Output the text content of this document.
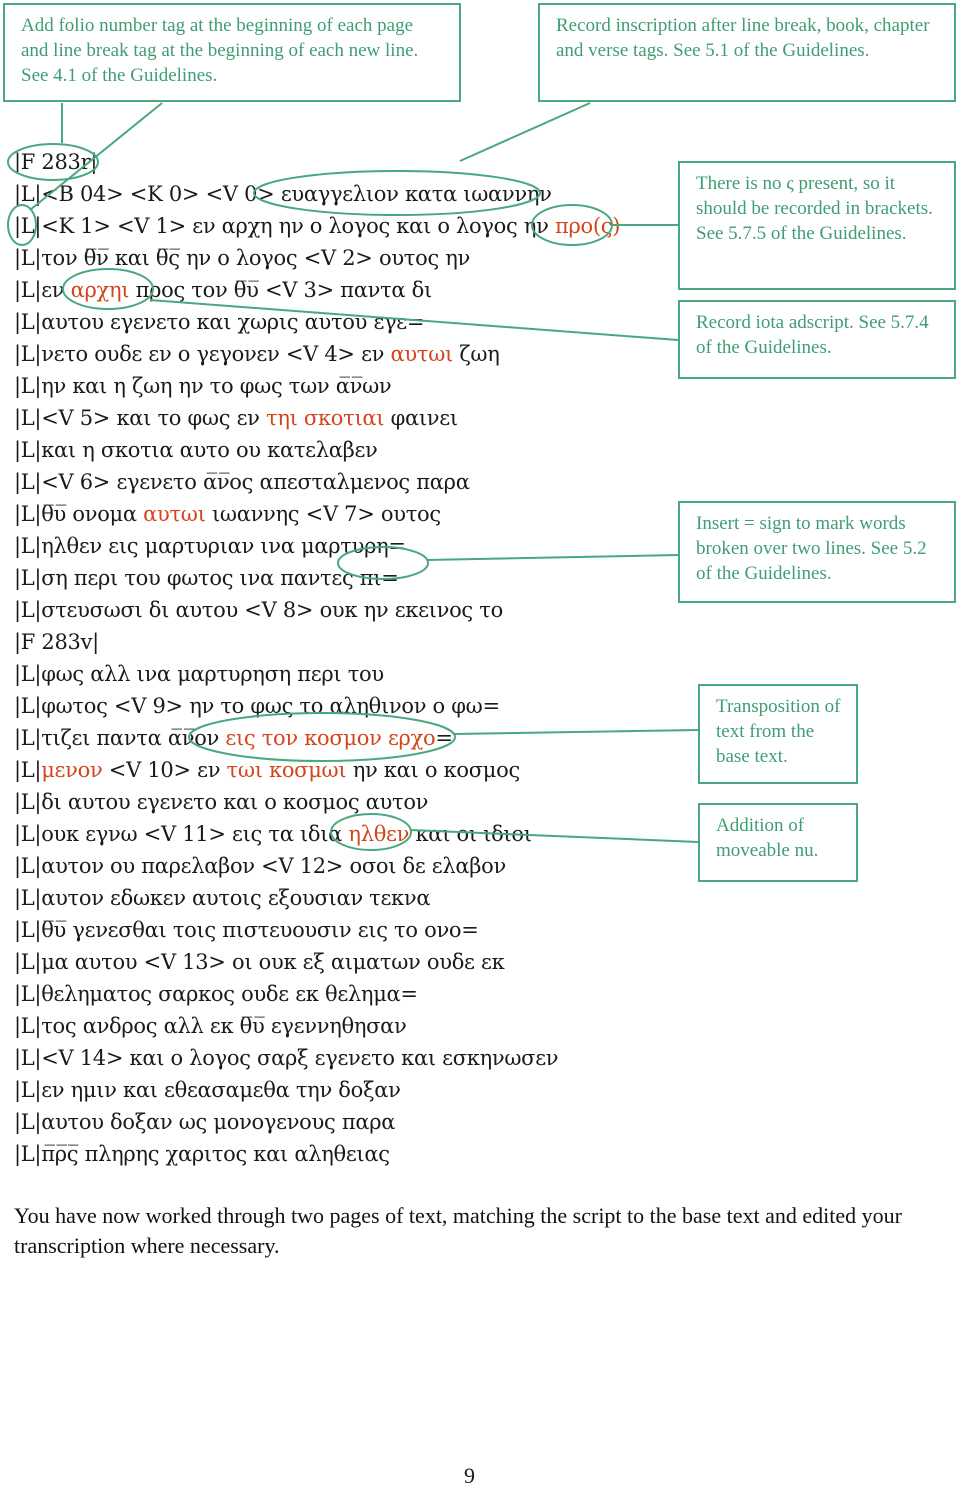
Add folio number tag at the beginning of each page and line break tag at the beginning of each new line. See 4.1 of the Guidelines.
Record inscription after line break, book, chapter and verse tags. See 5.1 of the Guidelines.
There is no ς present, so it should be recorded in brackets. See 5.7.5 of the Guidelines.
Record iota adscript. See 5.7.4 of the Guidelines.
Insert = sign to mark words broken over two lines. See 5.2 of the Guidelines.
Transposition of text from the base text.
Addition of moveable nu.
|F 283r|
|L|<B 04> <K 0> <V 0> ευαγγελιον κατα ιωαννην
|L|<K 1> <V 1> εν αρχη ην ο λογος και ο λογος ην προ(ς)
|L|τον θ̅ν̅ και θ̅ς̅ ην ο λογος <V 2> ουτος ην
|L|εν αρχηι προς τον θ̅υ̅ <V 3> παντα δι
|L|αυτου εγενετο και χωρις αυτου εγε=
|L|νετο ουδε εν ο γεγονεν <V 4> εν αυτωι ζωη
|L|ην και η ζωη ην το φως των α̅ν̅ων
|L|<V 5> και το φως εν τηι σκοτιαι φαινει
|L|και η σκοτια αυτο ου κατελαβεν
|L|<V 6> εγενετο α̅ν̅ος απεσταλμενος παρα
|L|θ̅υ̅ ονομα αυτωι ιωαννης <V 7> ουτος
|L|ηλθεν εις μαρτυριαν ινα μαρτυρη=
|L|ση περι του φωτος ινα παντες πι=
|L|στευσωσι δι αυτου <V 8> ουκ ην εκεινος το
|F 283v|
|L|φως αλλ ινα μαρτυρηση περι του
|L|φωτος <V 9> ην το φως το αληθινον ο φω=
|L|τιζει παντα α̅ν̅ον εις τον κοσμον ερχο=
|L|μενον <V 10> εν τωι κοσμωι ην και ο κοσμος
|L|δι αυτου εγενετο και ο κοσμος αυτον
|L|ουκ εγνω <V 11> εις τα ιδια ηλθεν και οι ιδιοι
|L|αυτον ου παρελαβον <V 12> οσοι δε ελαβον
|L|αυτον εδωκεν αυτοις εξουσιαν τεκνα
|L|θ̅υ̅ γενεσθαι τοις πιστευουσιν εις το ονο=
|L|μα αυτου <V 13> οι ουκ εξ αιματων ουδε εκ
|L|θεληματος σαρκος ουδε εκ θελημα=
|L|τος ανδρος αλλ εκ θ̅υ̅ εγεννηθησαν
|L|<V 14> και ο λογος σαρξ εγενετο και εσκηνωσεν
|L|εν ημιν και εθεασαμεθα την δοξαν
|L|αυτου δοξαν ως μονογενους παρα
|L|π̅ρ̅ς̅ πληρης χαριτος και αληθειας
You have now worked through two pages of text, matching the script to the base text and edited your transcription where necessary.
9
